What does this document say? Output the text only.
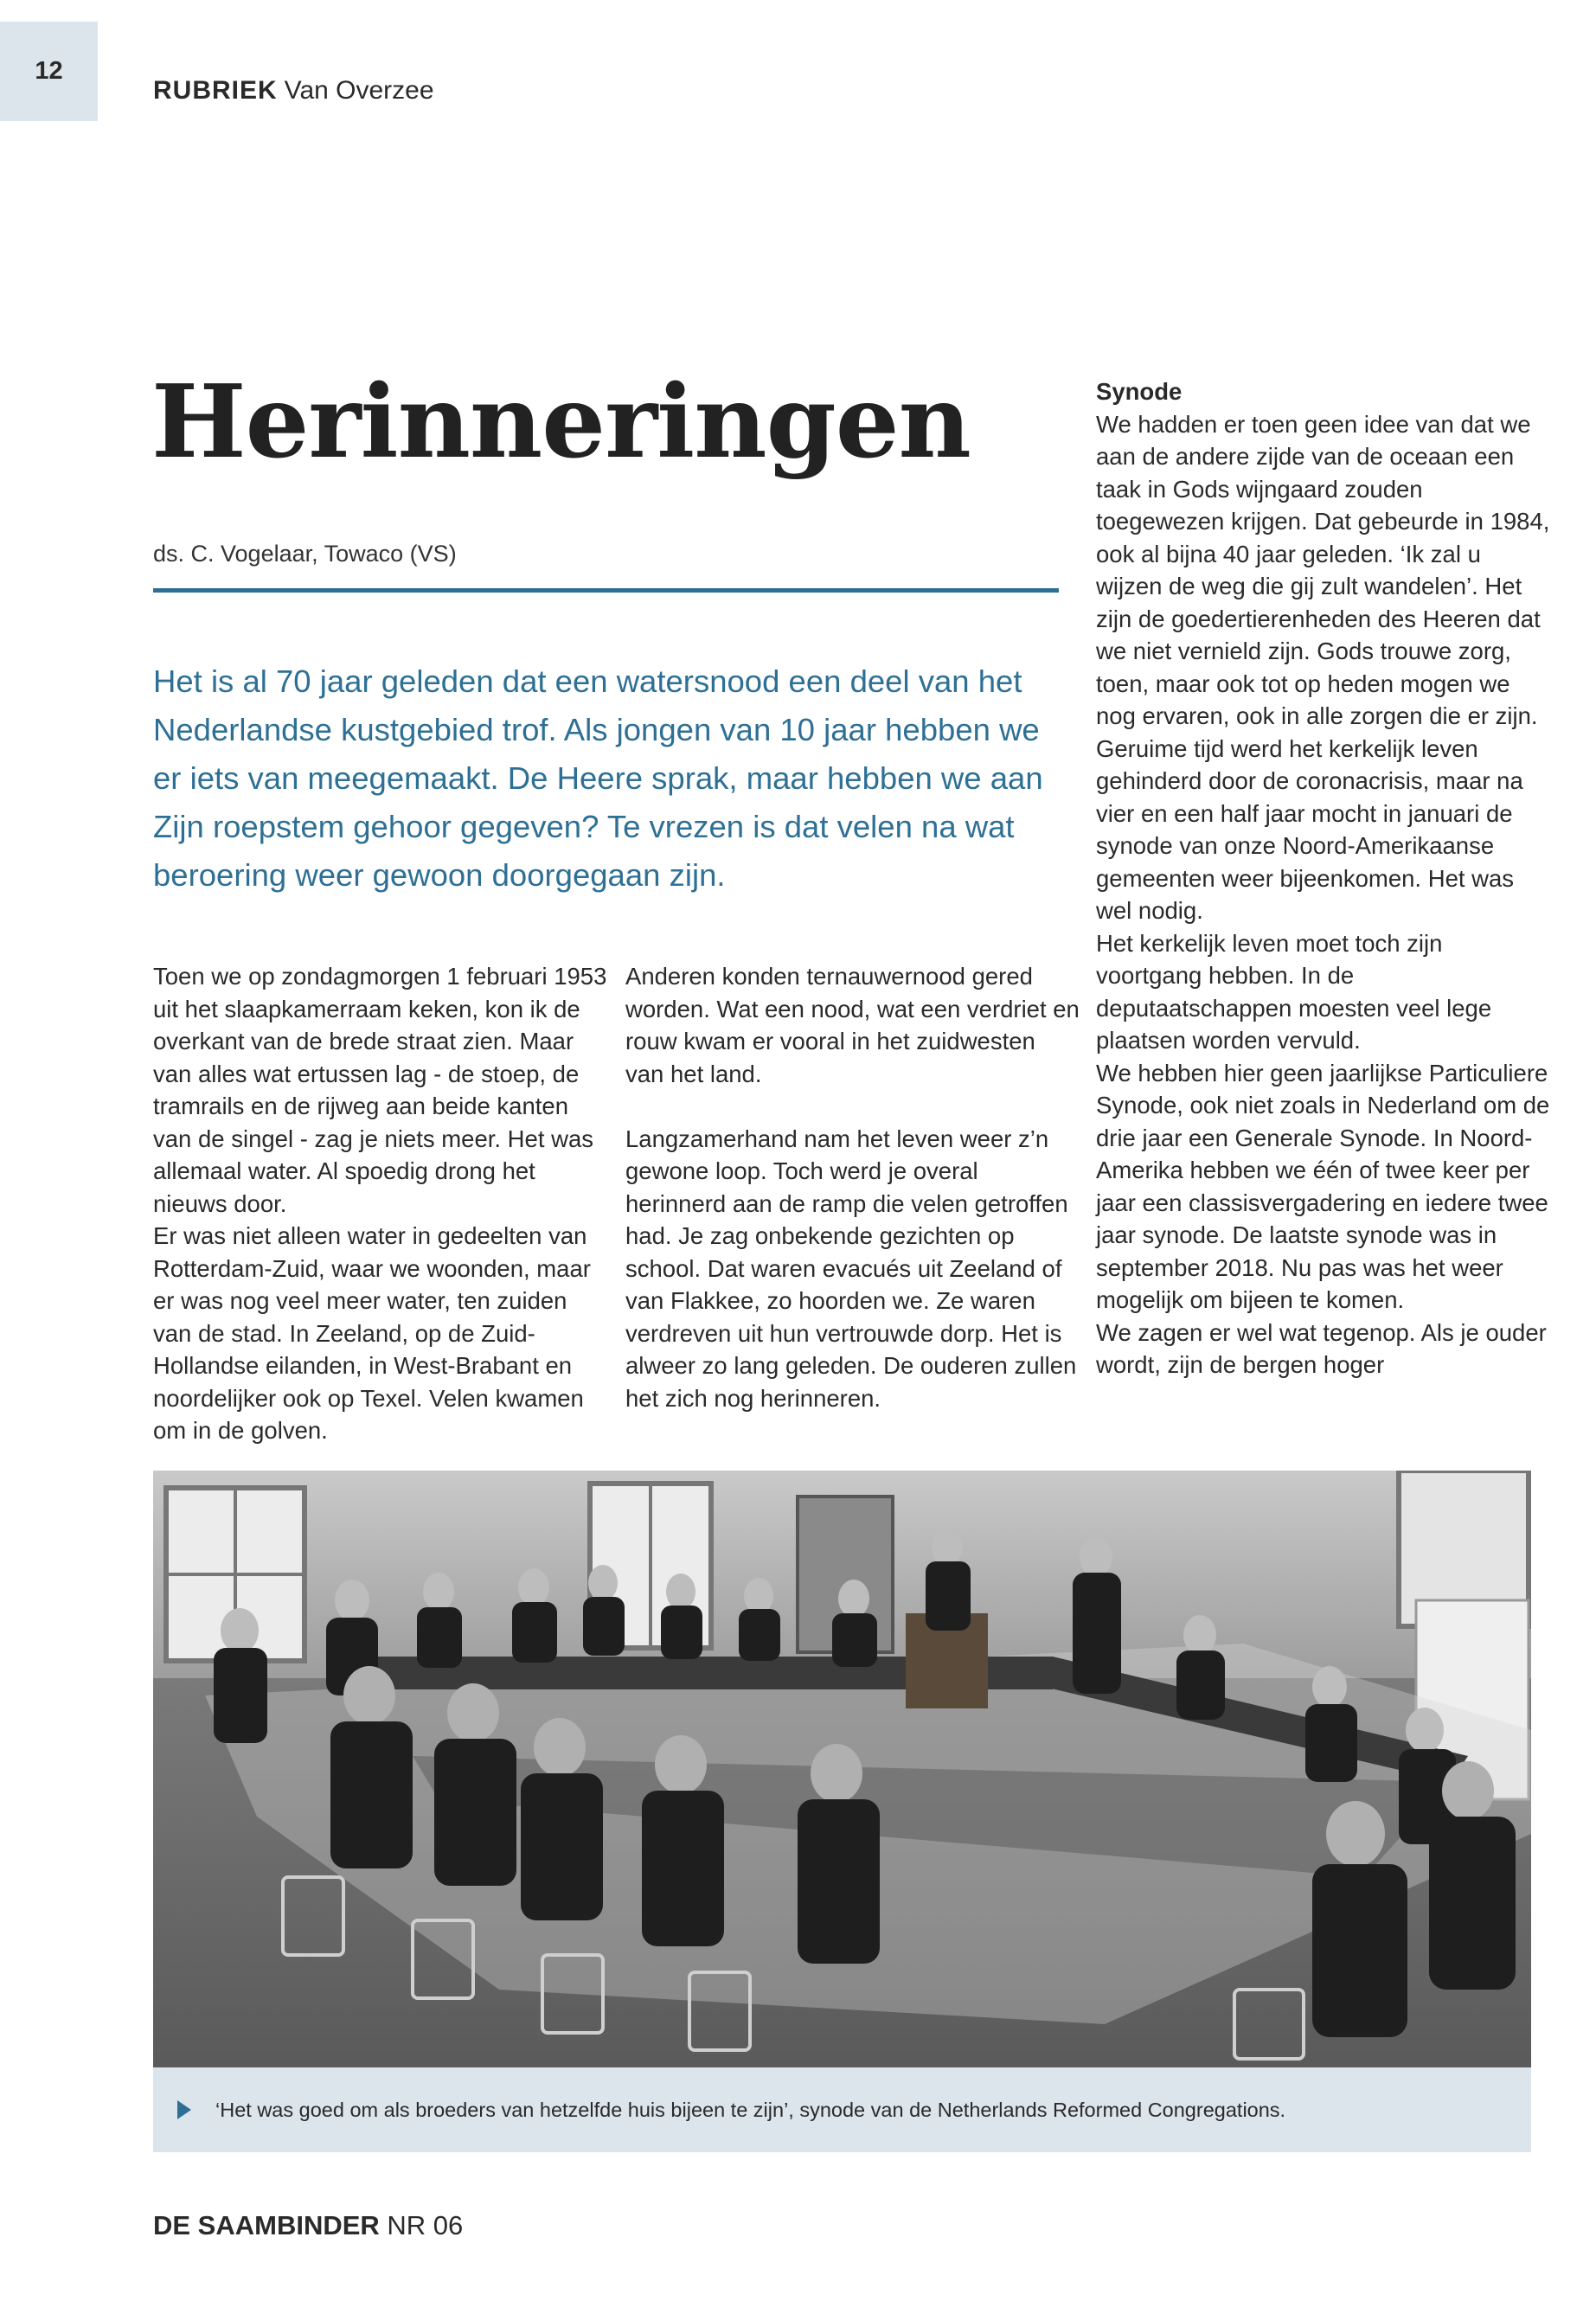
12
RUBRIEK Van Overzee
Herinneringen
ds. C. Vogelaar, Towaco (VS)

Het is al 70 jaar geleden dat een watersnood een deel van het Nederlandse kustgebied trof. Als jongen van 10 jaar hebben we er iets van meegemaakt. De Heere sprak, maar hebben we aan Zijn roepstem gehoor gegeven? Te vrezen is dat velen na wat beroering weer gewoon doorgegaan zijn.

Toen we op zondagmorgen 1 februari 1953 uit het slaapkamerraam keken, kon ik de overkant van de brede straat zien. Maar van alles wat ertussen lag - de stoep, de tramrails en de rijweg aan beide kanten van de singel - zag je niets meer. Het was allemaal water. Al spoedig drong het nieuws door.

Er was niet alleen water in gedeelten van Rotterdam-Zuid, waar we woonden, maar er was nog veel meer water, ten zuiden van de stad. In Zeeland, op de Zuid-Hollandse eilanden, in West-Brabant en noordelijker ook op Texel. Velen kwamen om in de golven.

Anderen konden ternauwernood gered worden. Wat een nood, wat een verdriet en rouw kwam er vooral in het zuidwesten van het land.

Langzamerhand nam het leven weer z’n gewone loop. Toch werd je overal herinnerd aan de ramp die velen getroffen had. Je zag onbekende gezichten op school. Dat waren evacués uit Zeeland of van Flakkee, zo hoorden we. Ze waren verdreven uit hun vertrouwde dorp. Het is alweer zo lang geleden. De ouderen zullen het zich nog herinneren.

Synode

We hadden er toen geen idee van dat we aan de andere zijde van de oceaan een taak in Gods wijngaard zouden toegewezen krijgen. Dat gebeurde in 1984, ook al bijna 40 jaar geleden. ‘Ik zal u wijzen de weg die gij zult wandelen’. Het zijn de goedertierenheden des Heeren dat we niet vernield zijn. Gods trouwe zorg, toen, maar ook tot op heden mogen we nog ervaren, ook in alle zorgen die er zijn.

Geruime tijd werd het kerkelijk leven gehinderd door de coronacrisis, maar na vier en een half jaar mocht in januari de synode van onze Noord-Amerikaanse gemeenten weer bijeenkomen. Het was wel nodig.

Het kerkelijk leven moet toch zijn voortgang hebben. In de deputaatschappen moesten veel lege plaatsen worden vervuld.

We hebben hier geen jaarlijkse Particuliere Synode, ook niet zoals in Nederland om de drie jaar een Generale Synode. In Noord-Amerika hebben we één of twee keer per jaar een classisvergadering en iedere twee jaar synode. De laatste synode was in september 2018. Nu pas was het weer mogelijk om bijeen te komen.

We zagen er wel wat tegenop. Als je ouder wordt, zijn de bergen hoger

‘Het was goed om als broeders van hetzelfde huis bijeen te zijn’, synode van de Netherlands Reformed Congregations.
DE SAAMBINDER NR 06
